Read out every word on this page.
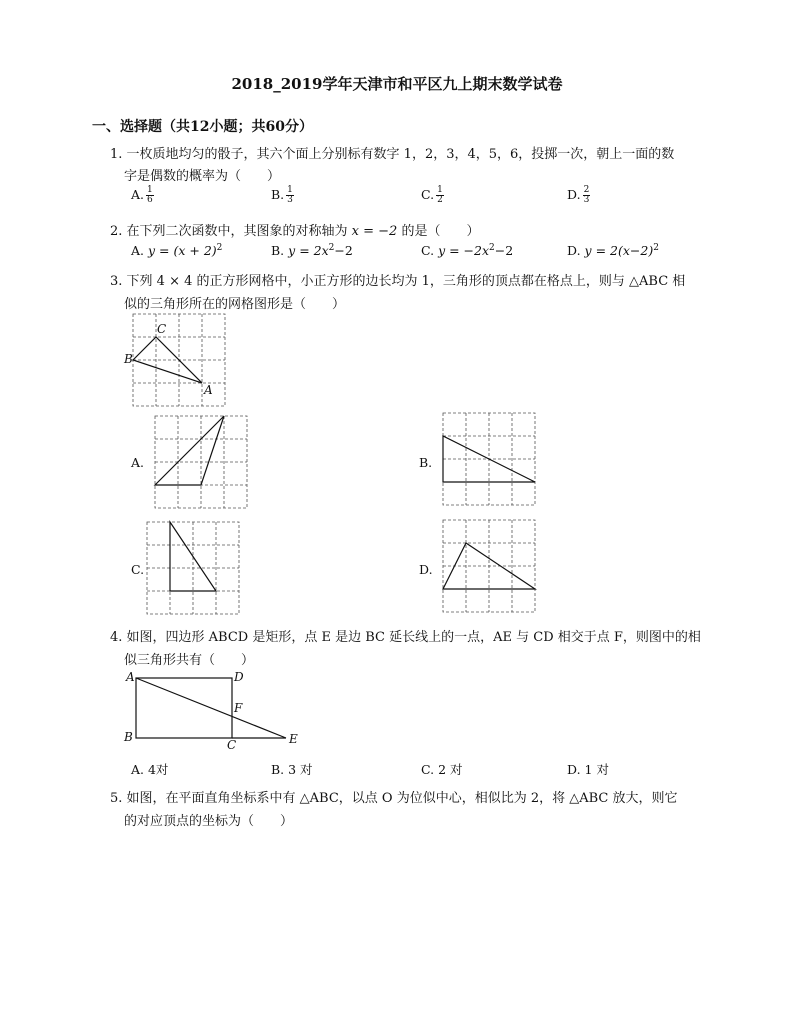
2018_2019学年天津市和平区九上期末数学试卷
一、选择题（共12小题；共60分）
1. 一枚质地均匀的骰子，其六个面上分别标有数字 1，2，3，4，5，6，投掷一次，朝上一面的数
字是偶数的概率为（　　）
A. $\frac{1}{6}$	B. $\frac{1}{3}$	C. $\frac{1}{2}$	D. $\frac{2}{3}$
2. 在下列二次函数中，其图象的对称轴为 x = −2 的是（　　）
A. $y = (x + 2)^2$	B. $y = 2x^2-2$	C. $y = -2x^2-2$	D. $y = 2(x-2)^2$
3. 下列 4 × 4 的正方形网格中，小正方形的边长均为 1，三角形的顶点都在格点上，则与 △ABC 相
似的三角形所在的网格图形是（　　）
C
B
A
A.	B.
C.	D.
4. 如图，四边形 ABCD 是矩形，点 E 是边 BC 延长线上的一点，AE 与 CD 相交于点 F，则图中的相
似三角形共有（　　）
A	D
F
B
C	E
A. 4对	B. 3 对	C. 2 对	D. 1 对
5. 如图，在平面直角坐标系中有 △ABC，以点 O 为位似中心，相似比为 2，将 △ABC 放大，则它
的对应顶点的坐标为（　　）
